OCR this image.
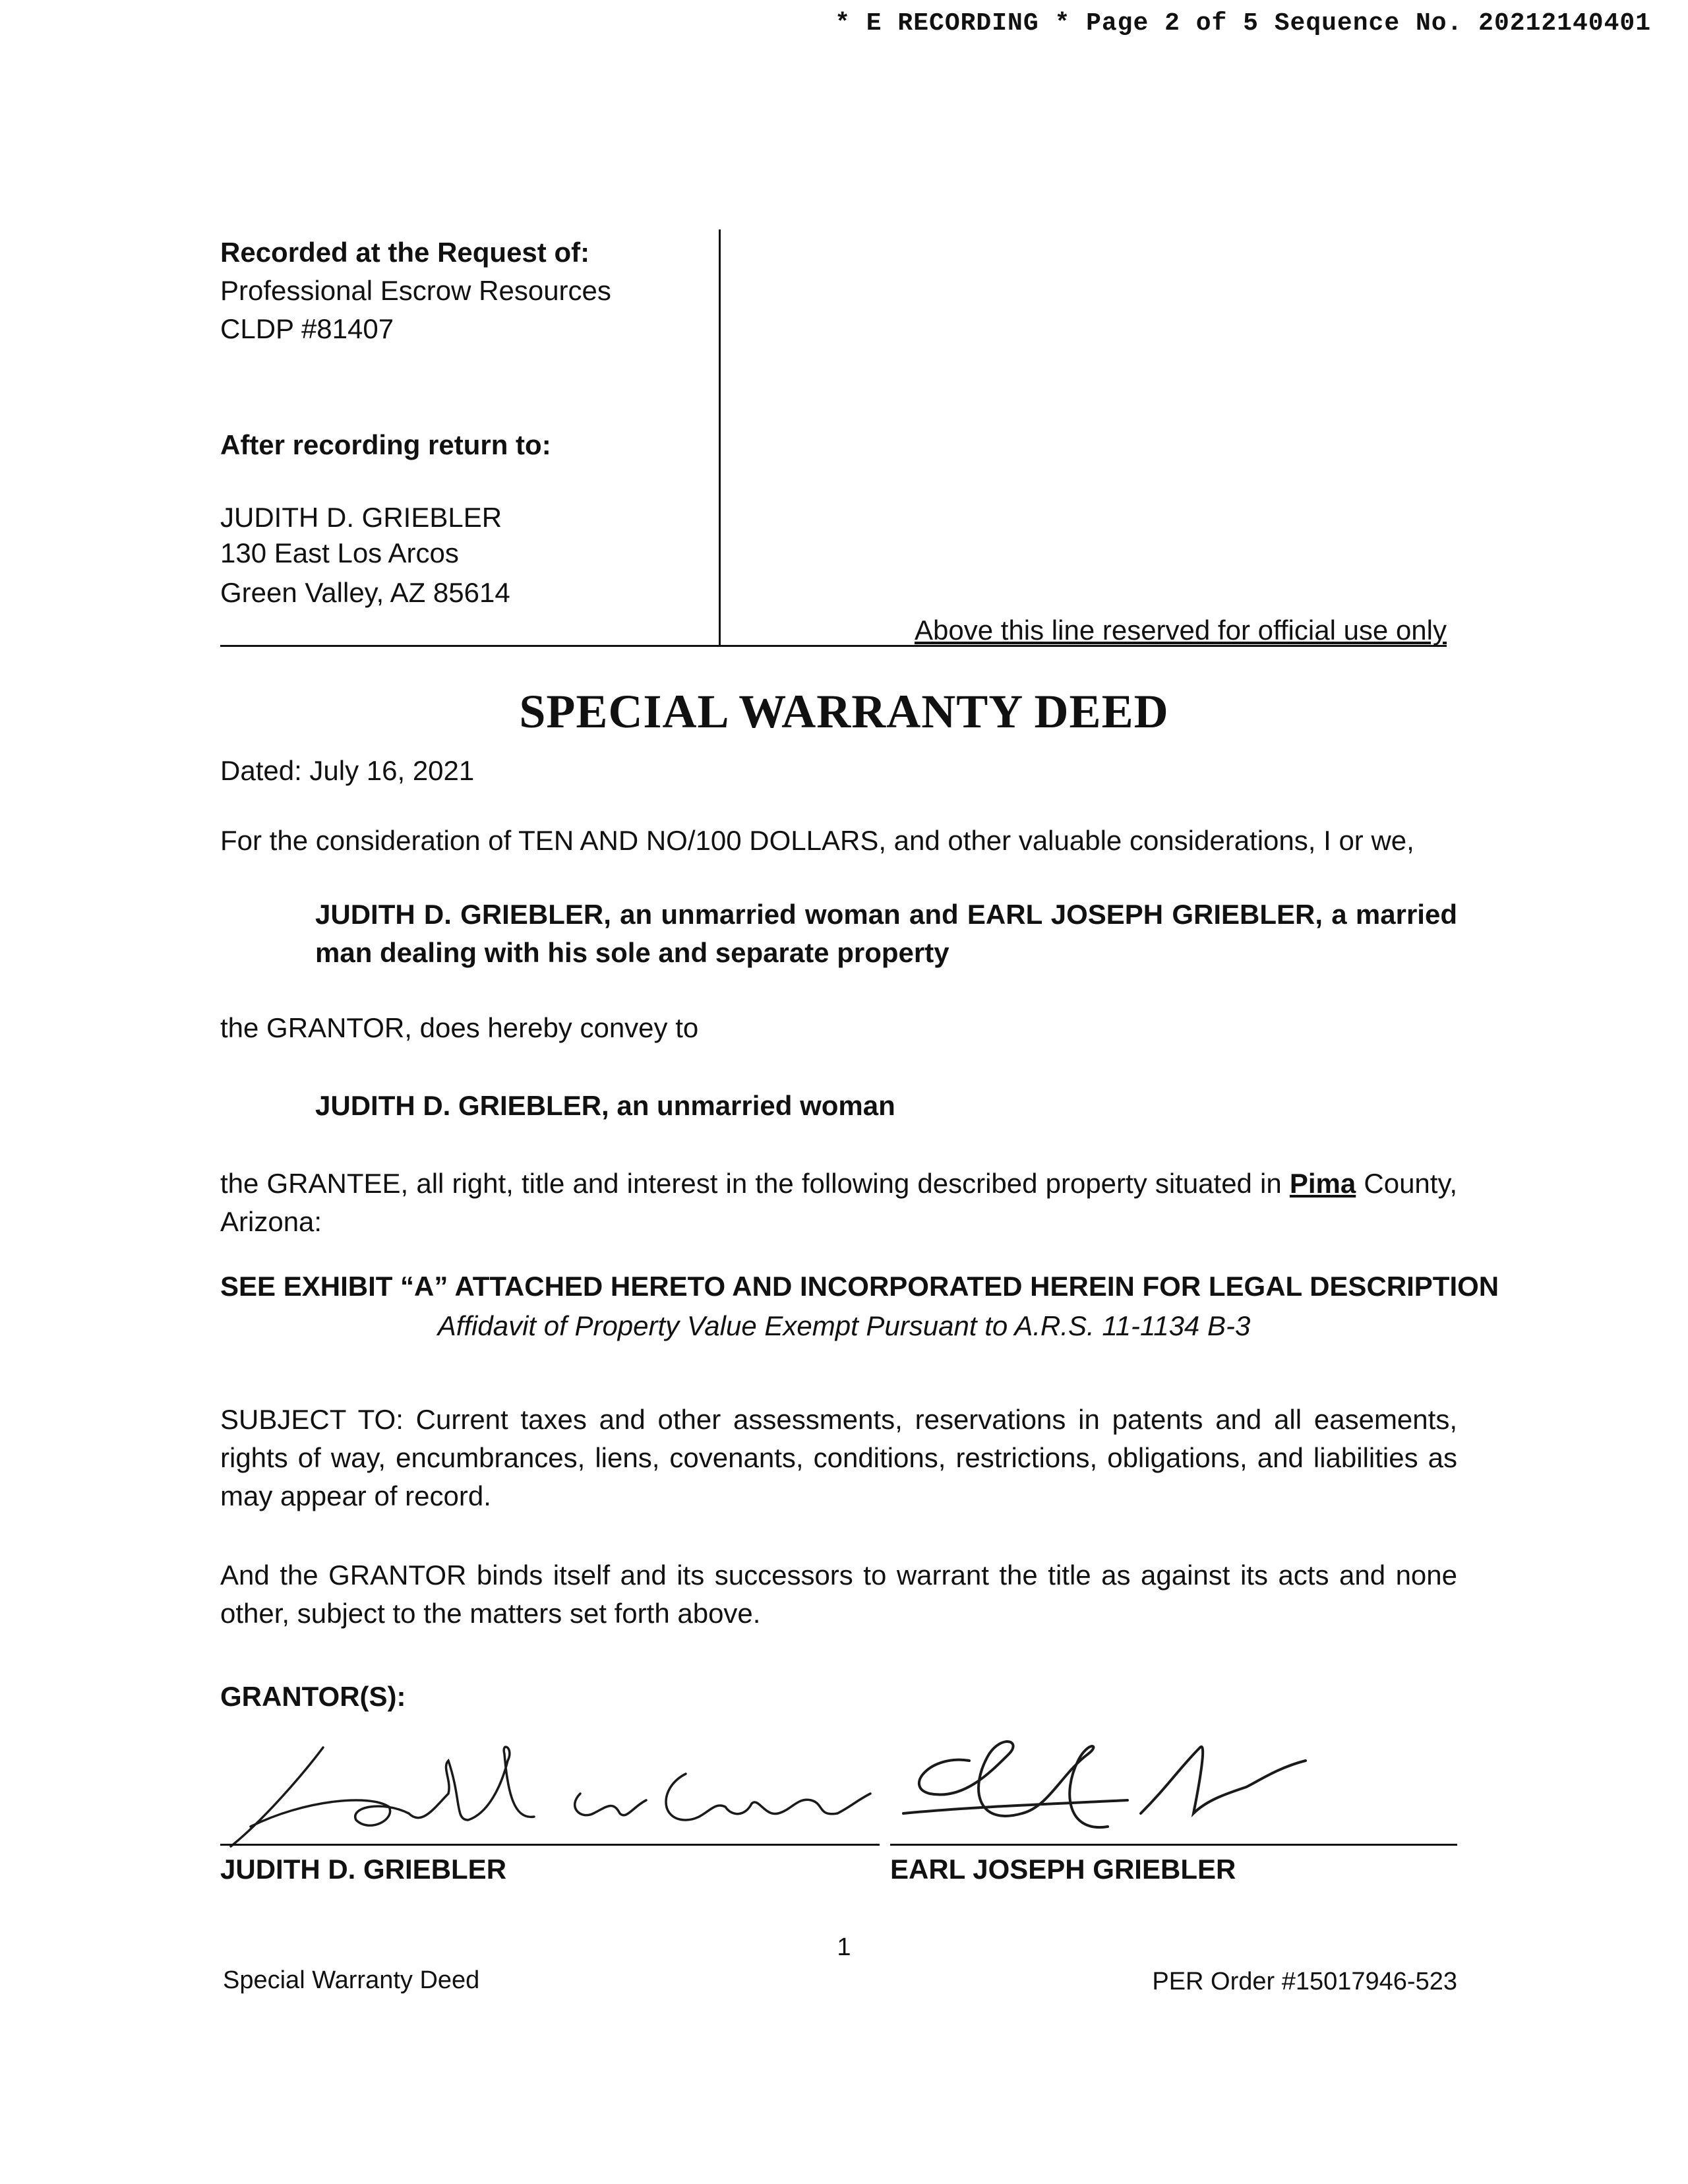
* E RECORDING * Page 2 of 5 Sequence No. 20212140401
Recorded at the Request of:
Professional Escrow Resources
CLDP #81407
After recording return to:
JUDITH D. GRIEBLER
130 East Los Arcos
Green Valley, AZ 85614
Above this line reserved for official use only
SPECIAL WARRANTY DEED
Dated: July 16, 2021
For the consideration of TEN AND NO/100 DOLLARS, and other valuable considerations, I or we,
JUDITH D. GRIEBLER, an unmarried woman and EARL JOSEPH GRIEBLER, a married man dealing with his sole and separate property
the GRANTOR, does hereby convey to
JUDITH D. GRIEBLER, an unmarried woman
the GRANTEE, all right, title and interest in the following described property situated in Pima County, Arizona:
SEE EXHIBIT “A” ATTACHED HERETO AND INCORPORATED HEREIN FOR LEGAL DESCRIPTION
Affidavit of Property Value Exempt Pursuant to A.R.S. 11-1134 B-3
SUBJECT TO: Current taxes and other assessments, reservations in patents and all easements, rights of way, encumbrances, liens, covenants, conditions, restrictions, obligations, and liabilities as may appear of record.
And the GRANTOR binds itself and its successors to warrant the title as against its acts and none other, subject to the matters set forth above.
GRANTOR(S):
JUDITH D. GRIEBLER	EARL JOSEPH GRIEBLER
1
Special Warranty Deed	PER Order #15017946-523
